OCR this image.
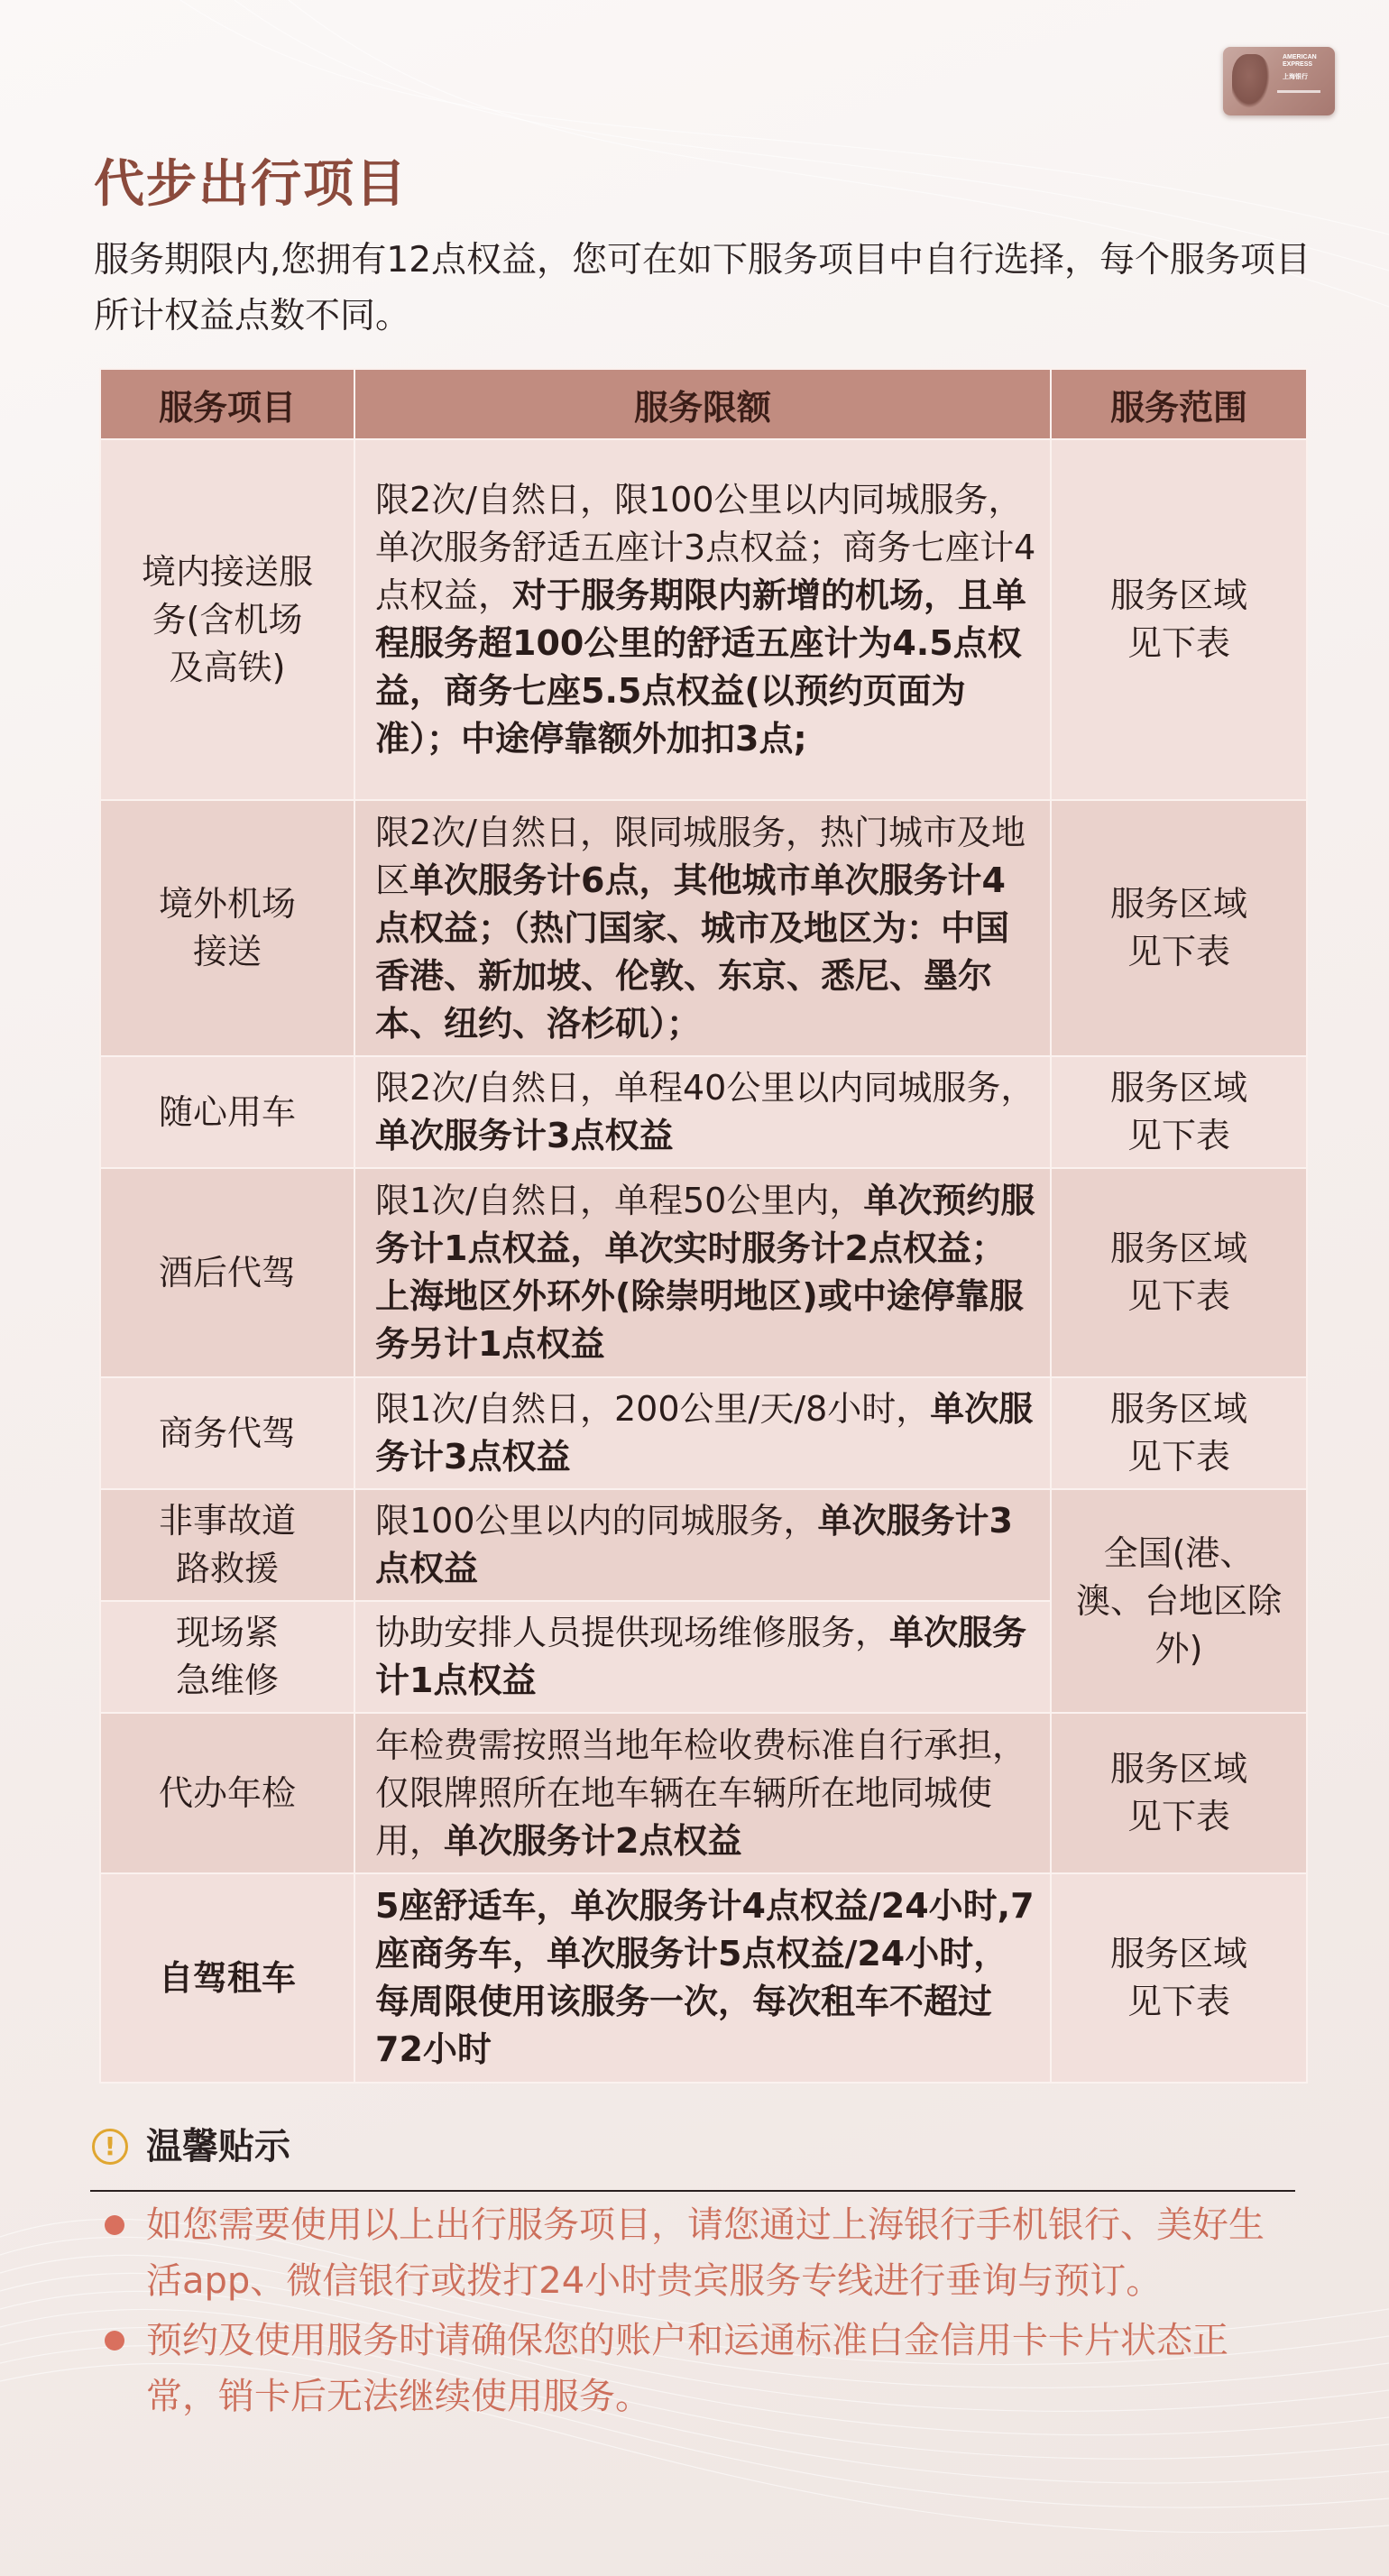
AMERICAN
EXPRESS
上海银行
代步出行项目

服务期限内,您拥有12点权益，您可在如下服务项目中自行选择，每个服务项目所计权益点数不同。

服务项目	服务限额	服务范围
境内接送服务(含机场及高铁)	限2次/自然日，限100公里以内同城服务，单次服务舒适五座计3点权益；商务七座计4点权益，对于服务期限内新增的机场，且单程服务超100公里的舒适五座计为4.5点权益，商务七座5.5点权益(以预约页面为准）；中途停靠额外加扣3点;	服务区域见下表
境外机场接送	限2次/自然日，限同城服务，热门城市及地区单次服务计6点，其他城市单次服务计4点权益；（热门国家、城市及地区为：中国香港、新加坡、伦敦、东京、悉尼、墨尔本、纽约、洛杉矶）；	服务区域见下表
随心用车	限2次/自然日，单程40公里以内同城服务，单次服务计3点权益	服务区域见下表
酒后代驾	限1次/自然日，单程50公里内，单次预约服务计1点权益，单次实时服务计2点权益；上海地区外环外(除崇明地区)或中途停靠服务另计1点权益	服务区域见下表
商务代驾	限1次/自然日，200公里/天/8小时，单次服务计3点权益	服务区域见下表
非事故道路救援	限100公里以内的同城服务，单次服务计3点权益	全国(港、澳、台地区除外)
现场紧急维修	协助安排人员提供现场维修服务，单次服务计1点权益	
代办年检	年检费需按照当地年检收费标准自行承担，仅限牌照所在地车辆在车辆所在地同城使用，单次服务计2点权益	服务区域见下表
自驾租车	5座舒适车，单次服务计4点权益/24小时,7座商务车，单次服务计5点权益/24小时，每周限使用该服务一次，每次租车不超过72小时	服务区域见下表
! 温馨贴示
如您需要使用以上出行服务项目，请您通过上海银行手机银行、美好生活app、微信银行或拨打24小时贵宾服务专线进行垂询与预订。
预约及使用服务时请确保您的账户和运通标准白金信用卡卡片状态正常，销卡后无法继续使用服务。
